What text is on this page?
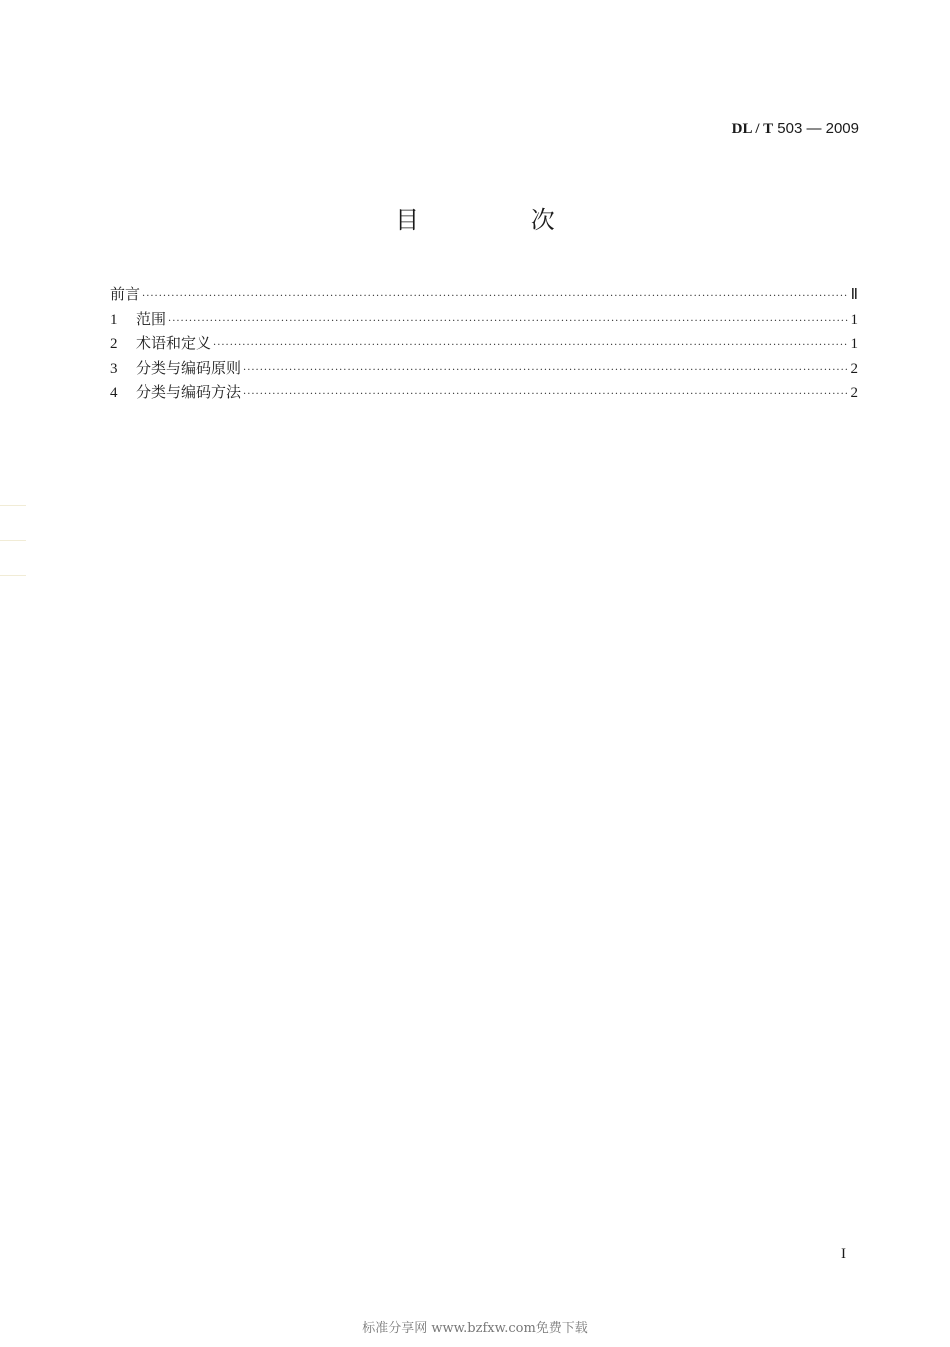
DL / T 503 — 2009
目 次
前言 ·····	Ⅱ
1	范围 ·····	1
2	术语和定义 ·····	1
3	分类与编码原则 ·····	2
4	分类与编码方法 ·····	2
I
标准分享网 www.bzfxw.com免费下载
